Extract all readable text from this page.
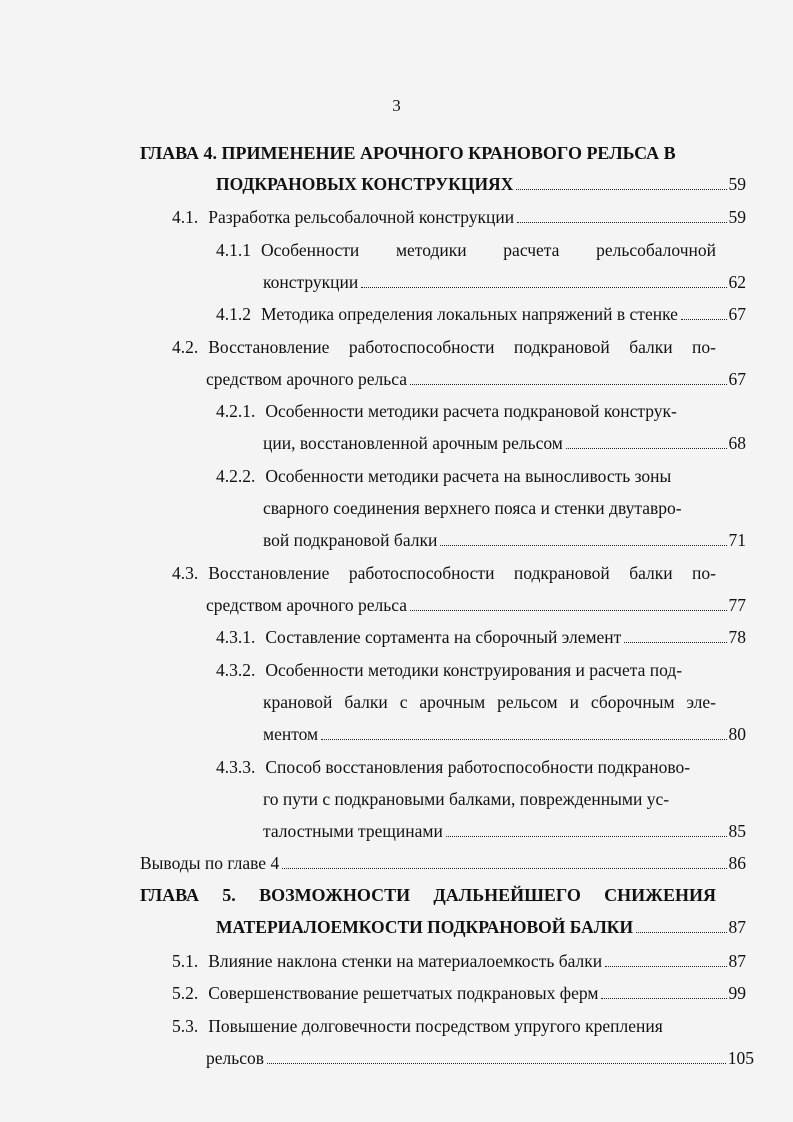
3
ГЛАВА 4. ПРИМЕНЕНИЕ АРОЧНОГО КРАНОВОГО РЕЛЬСА В
ПОДКРАНОВЫХ КОНСТРУКЦИЯХ	59
4.1. Разработка рельсобалочной конструкции	59
4.1.1 Особенности методики расчета рельсобалочной
конструкции	62
4.1.2 Методика определения локальных напряжений в стенке	67
4.2. Восстановление работоспособности подкрановой балки по-
средством арочного рельса	67
4.2.1. Особенности методики расчета подкрановой конструк-
ции, восстановленной арочным рельсом	68
4.2.2. Особенности методики расчета на выносливость зоны
сварного соединения верхнего пояса и стенки двутавро-
вой подкрановой балки	71
4.3. Восстановление работоспособности подкрановой балки по-
средством арочного рельса	77
4.3.1. Составление сортамента на сборочный элемент	78
4.3.2. Особенности методики конструирования и расчета под-
крановой балки с арочным рельсом и сборочным эле-
ментом	80
4.3.3. Способ восстановления работоспособности подкраново-
го пути с подкрановыми балками, поврежденными ус-
талостными трещинами	85
Выводы по главе 4	86
ГЛАВА 5. ВОЗМОЖНОСТИ ДАЛЬНЕЙШЕГО СНИЖЕНИЯ
МАТЕРИАЛОЕМКОСТИ ПОДКРАНОВОЙ БАЛКИ	87
5.1. Влияние наклона стенки на материалоемкость балки	87
5.2. Совершенствование решетчатых подкрановых ферм	99
5.3. Повышение долговечности посредством упругого крепления
рельсов	105
